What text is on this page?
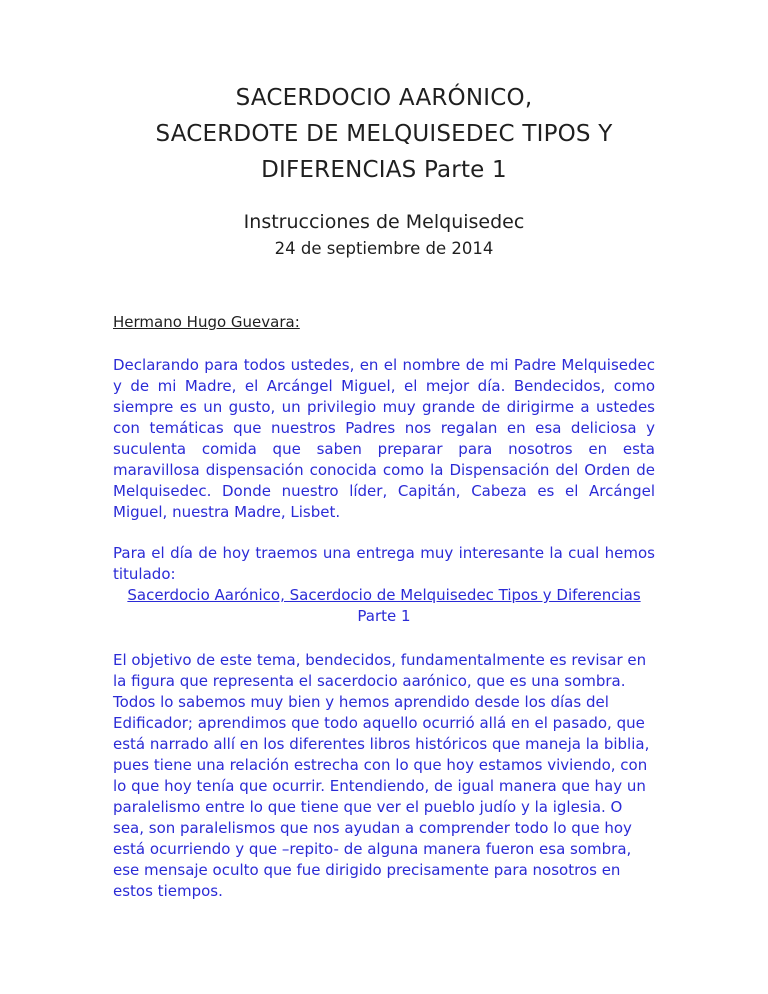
SACERDOCIO AARÓNICO,
SACERDOTE DE MELQUISEDEC TIPOS Y
DIFERENCIAS Parte 1
Instrucciones de Melquisedec
24 de septiembre de 2014
Hermano Hugo Guevara:
Declarando para todos ustedes, en el nombre de mi Padre Melquisedec
y de mi Madre, el Arcángel Miguel, el mejor día. Bendecidos, como
siempre es un gusto, un privilegio muy grande de dirigirme a ustedes
con temáticas que nuestros Padres nos regalan en esa deliciosa y
suculenta comida que saben preparar para nosotros en esta
maravillosa dispensación conocida como la Dispensación del Orden de
Melquisedec. Donde nuestro líder, Capitán, Cabeza es el Arcángel
Miguel, nuestra Madre, Lisbet.
Para el día de hoy traemos una entrega muy interesante la cual hemos
titulado:
Sacerdocio Aarónico, Sacerdocio de Melquisedec Tipos y Diferencias
Parte 1
El objetivo de este tema, bendecidos, fundamentalmente es revisar en
la figura que representa el sacerdocio aarónico, que es una sombra.
Todos lo sabemos muy bien y hemos aprendido desde los días del
Edificador; aprendimos que todo aquello ocurrió allá en el pasado, que
está narrado allí en los diferentes libros históricos que maneja la biblia,
pues tiene una relación estrecha con lo que hoy estamos viviendo, con
lo que hoy tenía que ocurrir. Entendiendo, de igual manera que hay un
paralelismo entre lo que tiene que ver el pueblo judío y la iglesia. O
sea, son paralelismos que nos ayudan a comprender todo lo que hoy
está ocurriendo y que –repito- de alguna manera fueron esa sombra,
ese mensaje oculto que fue dirigido precisamente para nosotros en
estos tiempos.
